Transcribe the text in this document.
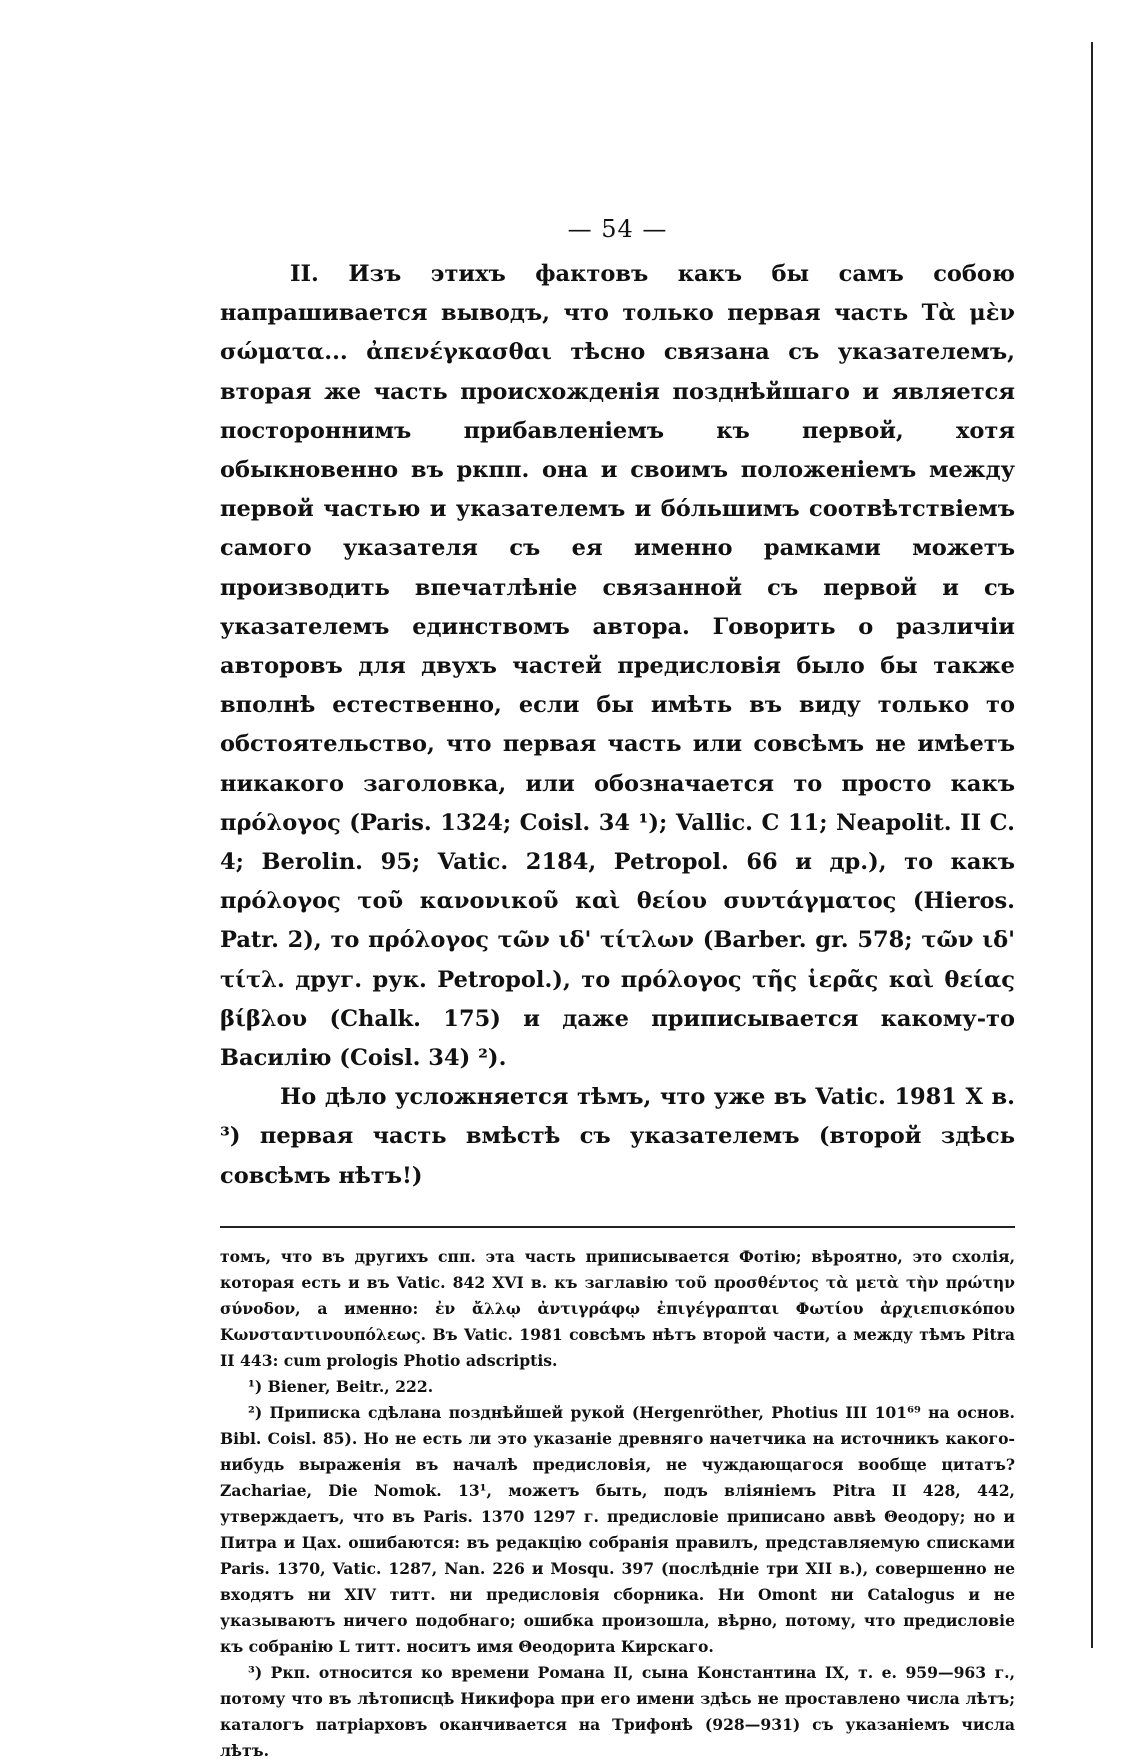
— 54 —

II. Изъ этихъ фактовъ какъ бы самъ собою напрашивается выводъ, что только первая часть Τὰ μὲν σώματα... ἀπενέγκασθαι тѣсно связана съ указателемъ, вторая же часть происхожденія позднѣйшаго и является постороннимъ прибавленіемъ къ первой, хотя обыкновенно въ ркпп. она и своимъ положеніемъ между первой частью и указателемъ и бóльшимъ соотвѣтствіемъ самого указателя съ ея именно рамками можетъ производить впечатлѣніе связанной съ первой и съ указателемъ единствомъ автора. Говорить о различіи авторовъ для двухъ частей предисловія было бы также вполнѣ естественно, если бы имѣть въ виду только то обстоятельство, что первая часть или совсѣмъ не имѣетъ никакого заголовка, или обозначается то просто какъ πρόλογος (Paris. 1324; Coisl. 34 ¹); Vallic. C 11; Neapolit. II C. 4; Berolin. 95; Vatic. 2184, Petropol. 66 и др.), то какъ πρόλογος τοῦ κανονικοῦ καὶ θείου συντάγματος (Hieros. Patr. 2), то πρόλογος τῶν ιδ' τίτλων (Barber. gr. 578; τῶν ιδ' τίτλ. друг. рук. Petropol.), то πρόλογος τῆς ἱερᾶς καὶ θείας βίβλου (Chalk. 175) и даже приписывается какому-то Василію (Coisl. 34) ²).

Но дѣло усложняется тѣмъ, что уже въ Vatic. 1981 X в. ³) первая часть вмѣстѣ съ указателемъ (второй здѣсь совсѣмъ нѣтъ!)

томъ, что въ другихъ спп. эта часть приписывается Фотію; вѣроятно, это схолія, которая есть и въ Vatic. 842 XVI в. къ заглавію τοῦ προσθέντος τὰ μετὰ τὴν πρώτην σύνοδον, а именно: ἐν ἄλλῳ ἀντιγράφῳ ἐπιγέγραπται Φωτίου ἀρχιεπισκόπου Κωνσταντινουπόλεως. Въ Vatic. 1981 совсѣмъ нѣтъ второй части, а между тѣмъ Pitra II 443: cum prologis Photio adscriptis.

¹) Biener, Beitr., 222.

²) Приписка сдѣлана позднѣйшей рукой (Hergenröther, Photius III 101⁶⁹ на основ. Bibl. Coisl. 85). Но не есть ли это указаніе древняго начетчика на источникъ какого-нибудь выраженія въ началѣ предисловія, не чуждающагося вообще цитатъ? Zachariae, Die Nomok. 13¹, можетъ быть, подъ вліяніемъ Pitra II 428, 442, утверждаетъ, что въ Paris. 1370 1297 г. предисловіе приписано аввѣ Θеодору; но и Питра и Цах. ошибаются: въ редакцію собранія правилъ, представляемую списками Paris. 1370, Vatic. 1287, Nan. 226 и Mosqu. 397 (послѣдніе три XII в.), совершенно не входятъ ни XIV титт. ни предисловія сборника. Ни Omont ни Catalogus и не указываютъ ничего подобнаго; ошибка произошла, вѣрно, потому, что предисловіе къ собранію L титт. носитъ имя Θеодорита Кирскаго.

³) Ркп. относится ко времени Романа II, сына Константина IX, т. е. 959—963 г., потому что въ лѣтописцѣ Никифора при его имени здѣсь не проставлено числа лѣтъ; каталогъ патріарховъ оканчивается на Трифонѣ (928—931) съ указаніемъ числа лѣтъ.
